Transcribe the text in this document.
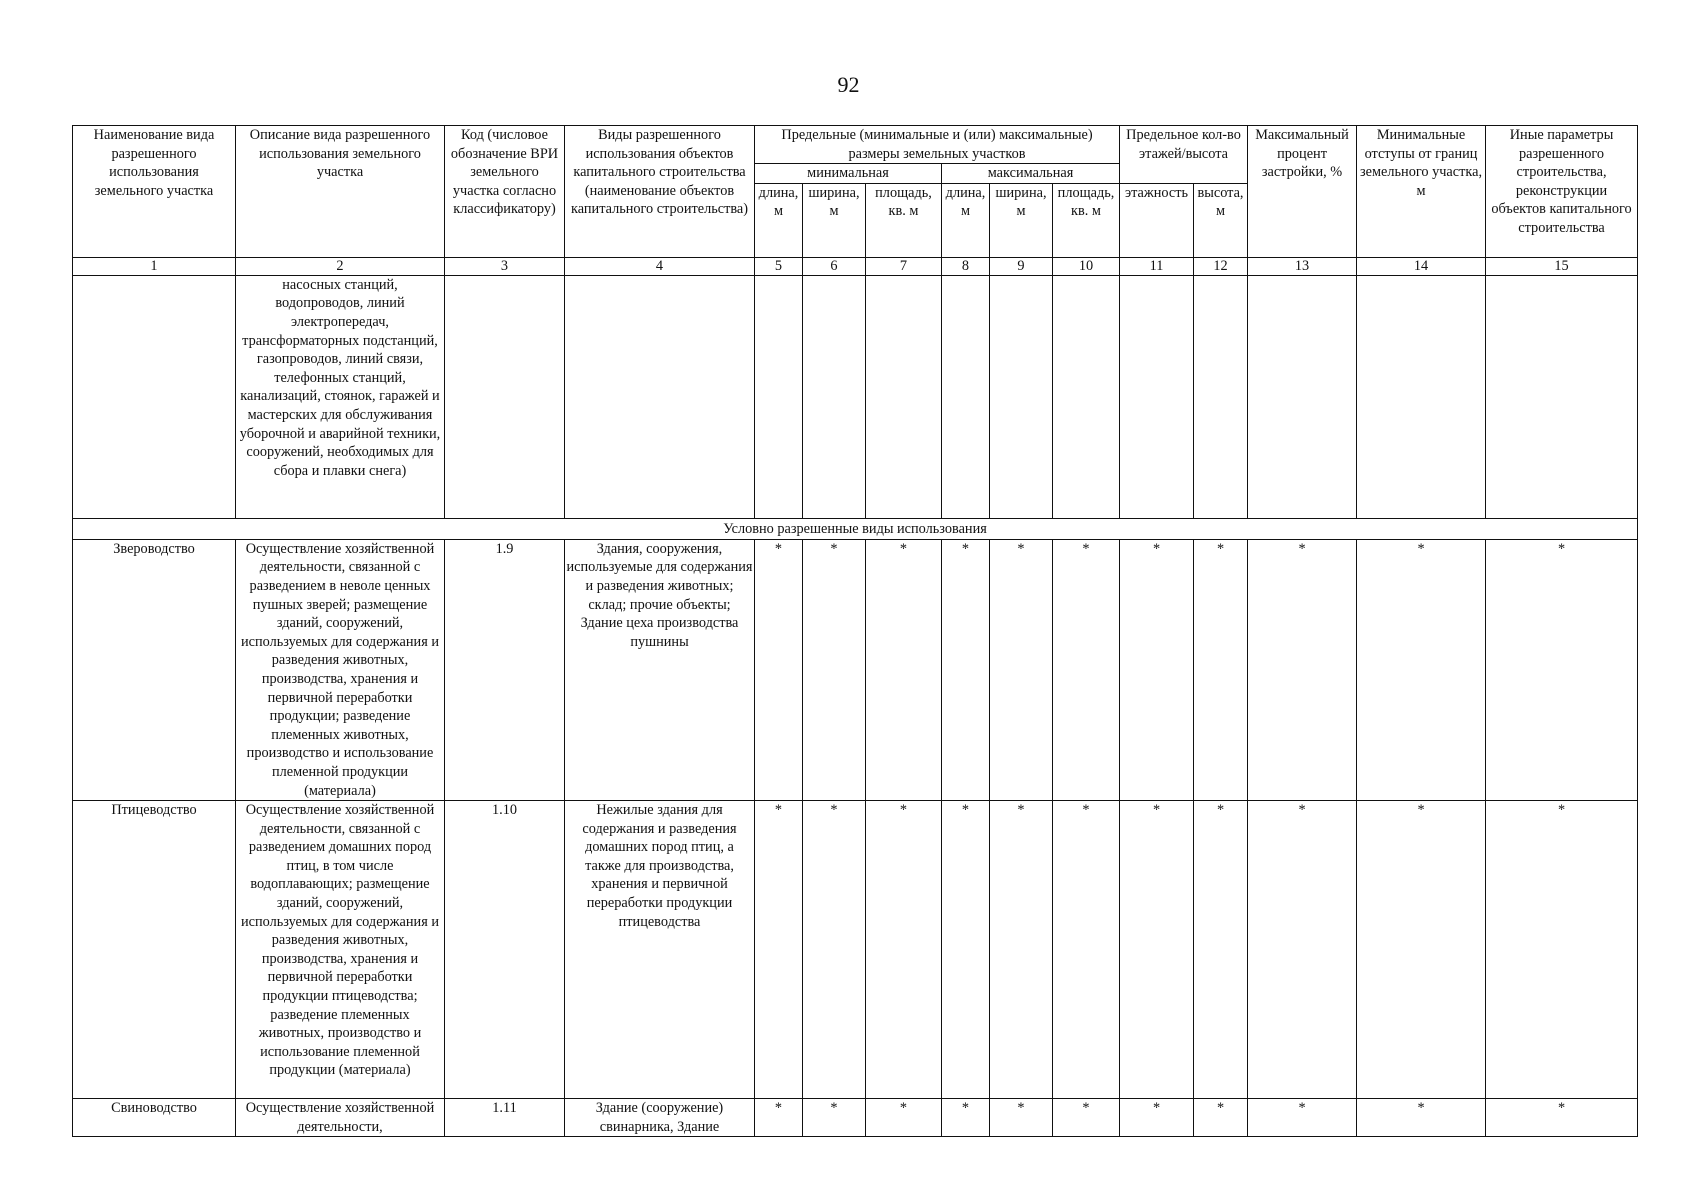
92
Наименование вида разрешенного использования земельного участка	Описание вида разрешенного использования земельного участка	Код (числовое обозначение ВРИ земельного участка согласно классификатору)	Виды разрешенного использования объектов капитального строительства (наименование объектов капитального строительства)	Предельные (минимальные и (или) максимальные) размеры земельных участков						Предельное кол-во этажей/высота		Максимальный процент застройки, %	Минимальные отступы от границ земельного участка, м	Иные параметры разрешенного строительства, реконструкции объектов капитального строительства
				минимальная			максимальная							
				длина, м	ширина, м	площадь, кв. м	длина, м	ширина, м	площадь, кв. м	этажность	высота, м			
1	2	3	4	5	6	7	8	9	10	11	12	13	14	15
	насосных станций, водопроводов, линий электропередач, трансформаторных подстанций, газопроводов, линий связи, телефонных станций, канализаций, стоянок, гаражей и мастерских для обслуживания уборочной и аварийной техники, сооружений, необходимых для сбора и плавки снега)													
Условно разрешенные виды использования														
Звероводство	Осуществление хозяйственной деятельности, связанной с разведением в неволе ценных пушных зверей; размещение зданий, сооружений, используемых для содержания и разведения животных, производства, хранения и первичной переработки продукции; разведение племенных животных, производство и использование племенной продукции (материала)	1.9	Здания, сооружения, используемые для содержания и разведения животных; склад; прочие объекты; Здание цеха производства пушнины	*	*	*	*	*	*	*	*	*	*	*
Птицеводство	Осуществление хозяйственной деятельности, связанной с разведением домашних пород птиц, в том числе водоплавающих; размещение зданий, сооружений, используемых для содержания и разведения животных, производства, хранения и первичной переработки продукции птицеводства; разведение племенных животных, производство и использование племенной продукции (материала)	1.10	Нежилые здания для содержания и разведения домашних пород птиц, а также для производства, хранения и первичной переработки продукции птицеводства	*	*	*	*	*	*	*	*	*	*	*
Свиноводство	Осуществление хозяйственной деятельности,	1.11	Здание (сооружение) свинарника, Здание	*	*	*	*	*	*	*	*	*	*	*
